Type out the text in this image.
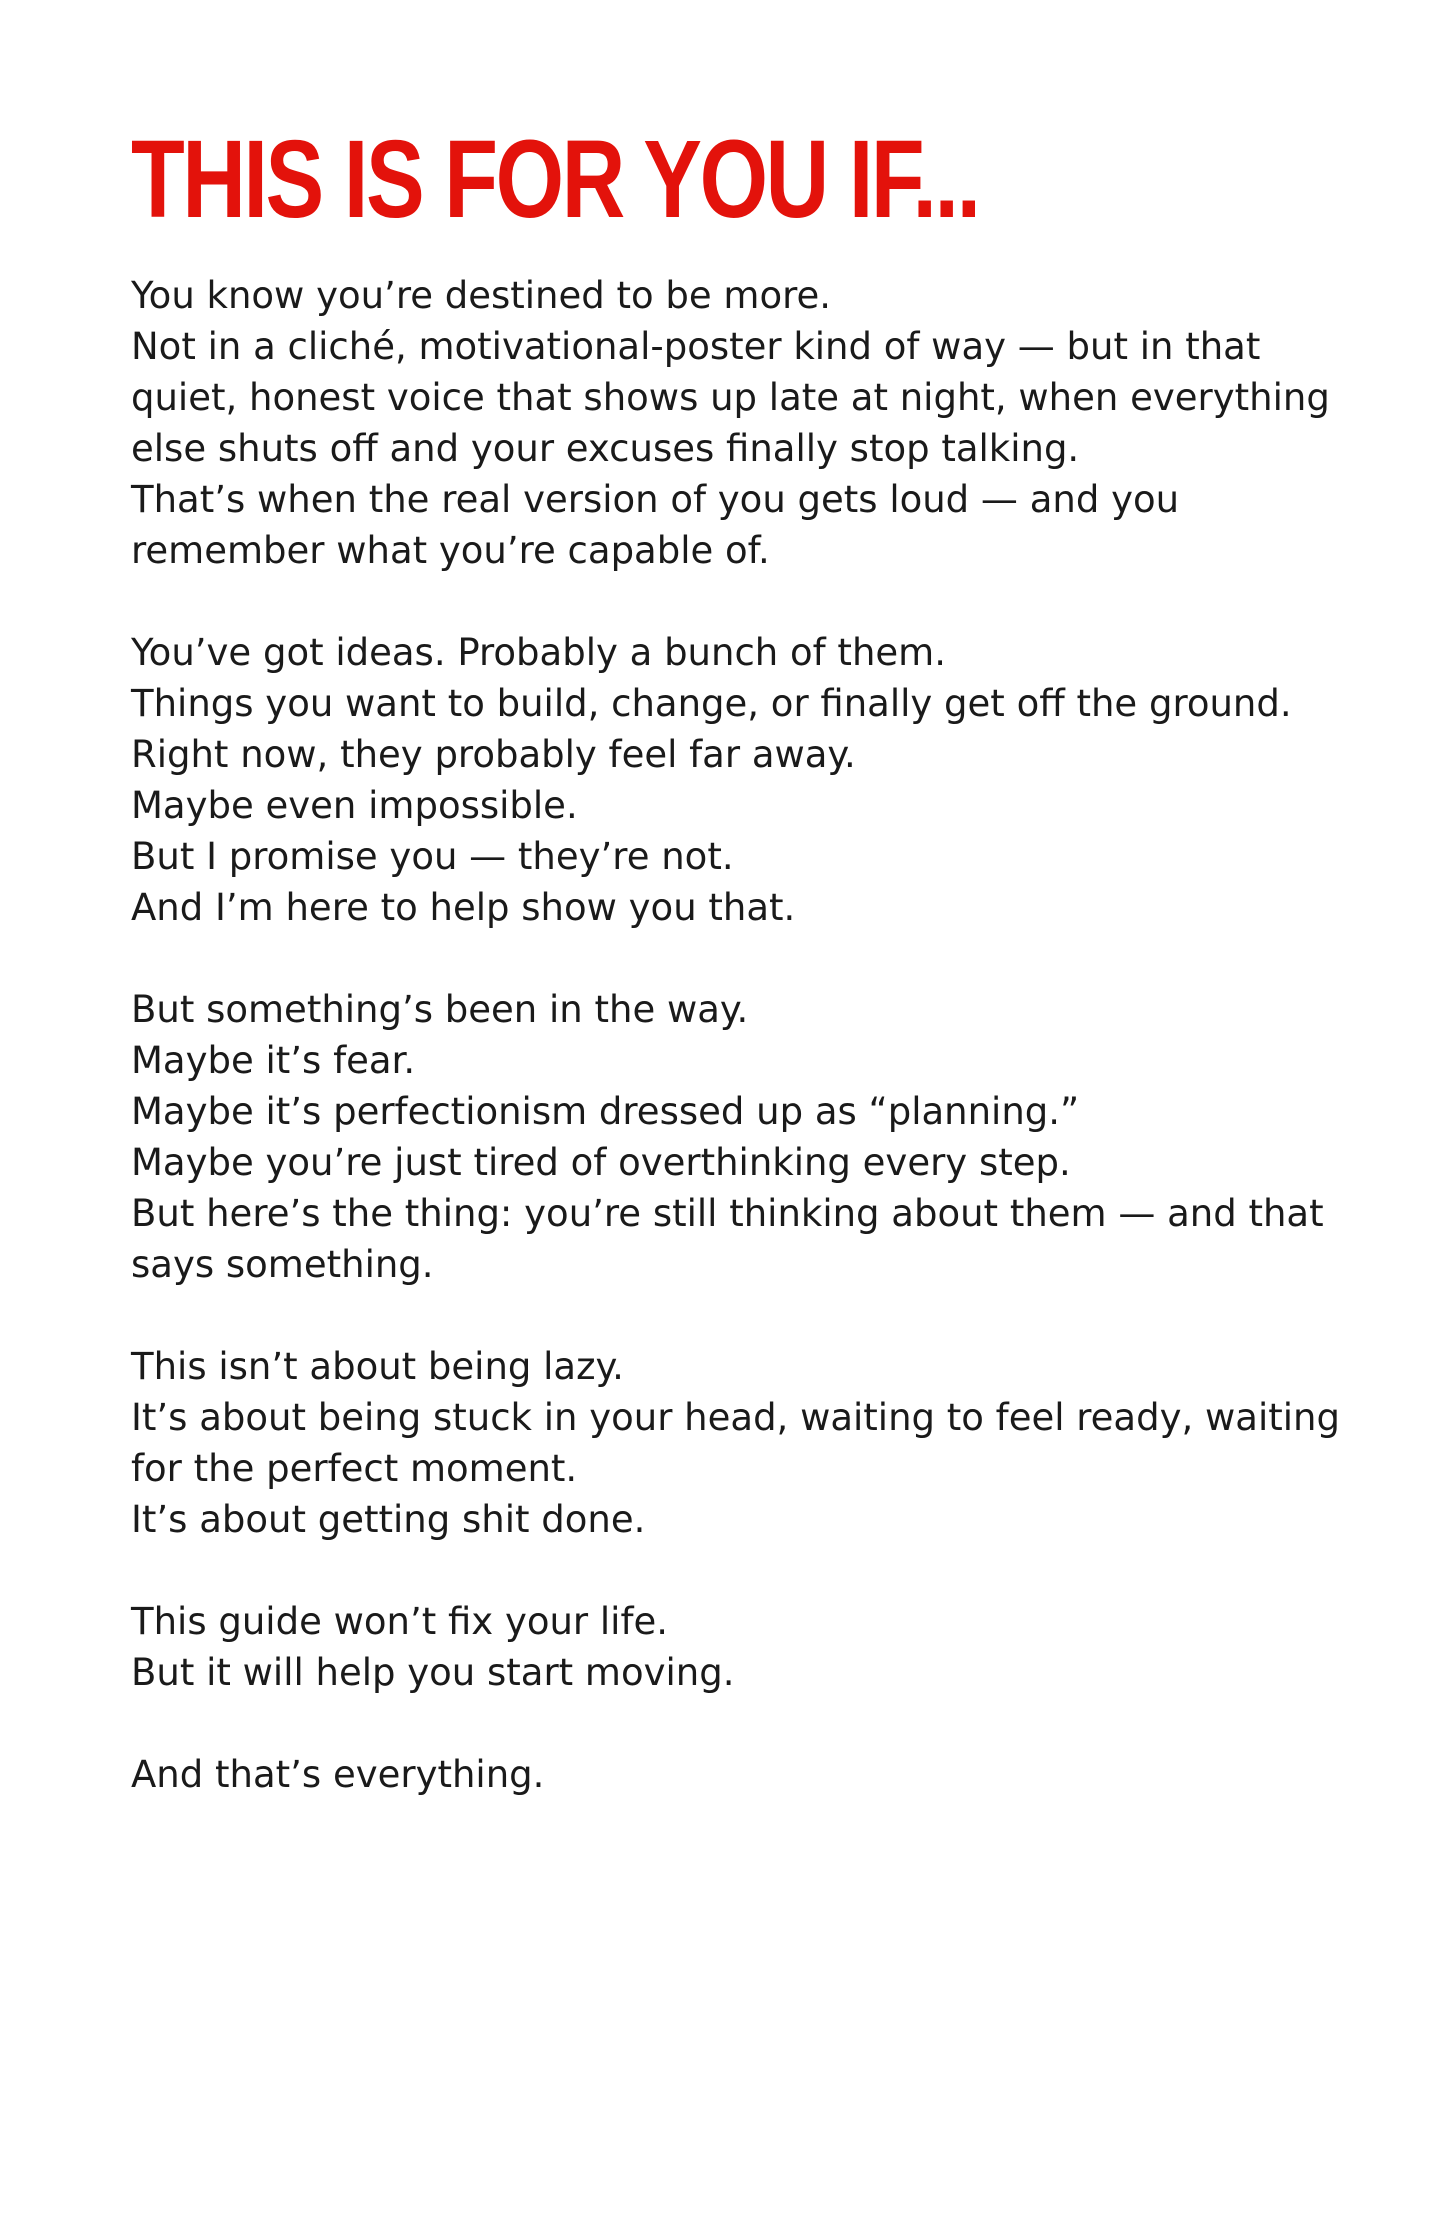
THIS IS FOR YOU IF...

You know you’re destined to be more.
Not in a cliché, motivational-poster kind of way — but in that quiet, honest voice that shows up late at night, when everything else shuts off and your excuses finally stop talking.
That’s when the real version of you gets loud — and you remember what you’re capable of.

You’ve got ideas. Probably a bunch of them.
Things you want to build, change, or finally get off the ground.
Right now, they probably feel far away.
Maybe even impossible.
But I promise you — they’re not.
And I’m here to help show you that.

But something’s been in the way.
Maybe it’s fear.
Maybe it’s perfectionism dressed up as “planning.”
Maybe you’re just tired of overthinking every step.
But here’s the thing: you’re still thinking about them — and that says something.

This isn’t about being lazy.
It’s about being stuck in your head, waiting to feel ready, waiting for the perfect moment.
It’s about getting shit done.

This guide won’t fix your life.
But it will help you start moving.

And that’s everything.
